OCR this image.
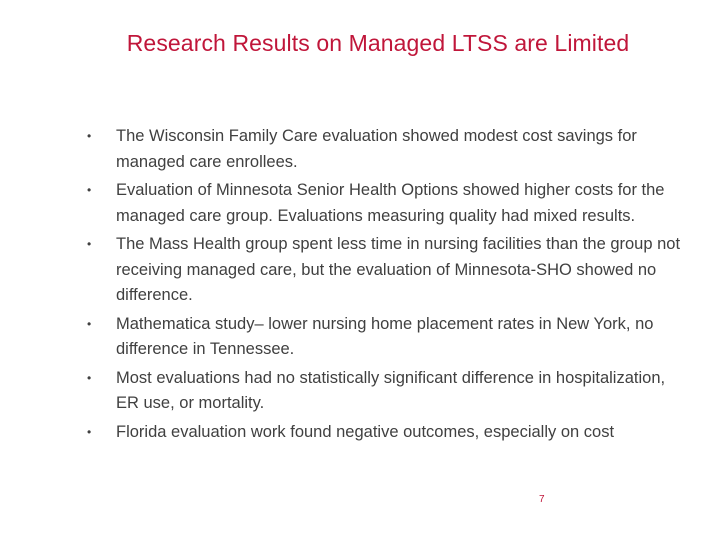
Research Results on Managed LTSS are Limited
• The Wisconsin Family Care evaluation showed modest cost savings for managed care enrollees.
• Evaluation of Minnesota Senior Health Options showed higher costs for the managed care group. Evaluations measuring quality had mixed results.
• The Mass Health group spent less time in nursing facilities than the group not receiving managed care, but the evaluation of Minnesota-SHO showed no difference.
• Mathematica study– lower nursing home placement rates in New York, no difference in Tennessee.
• Most evaluations had no statistically significant difference in hospitalization, ER use, or mortality.
• Florida evaluation work found negative outcomes, especially on cost
7
